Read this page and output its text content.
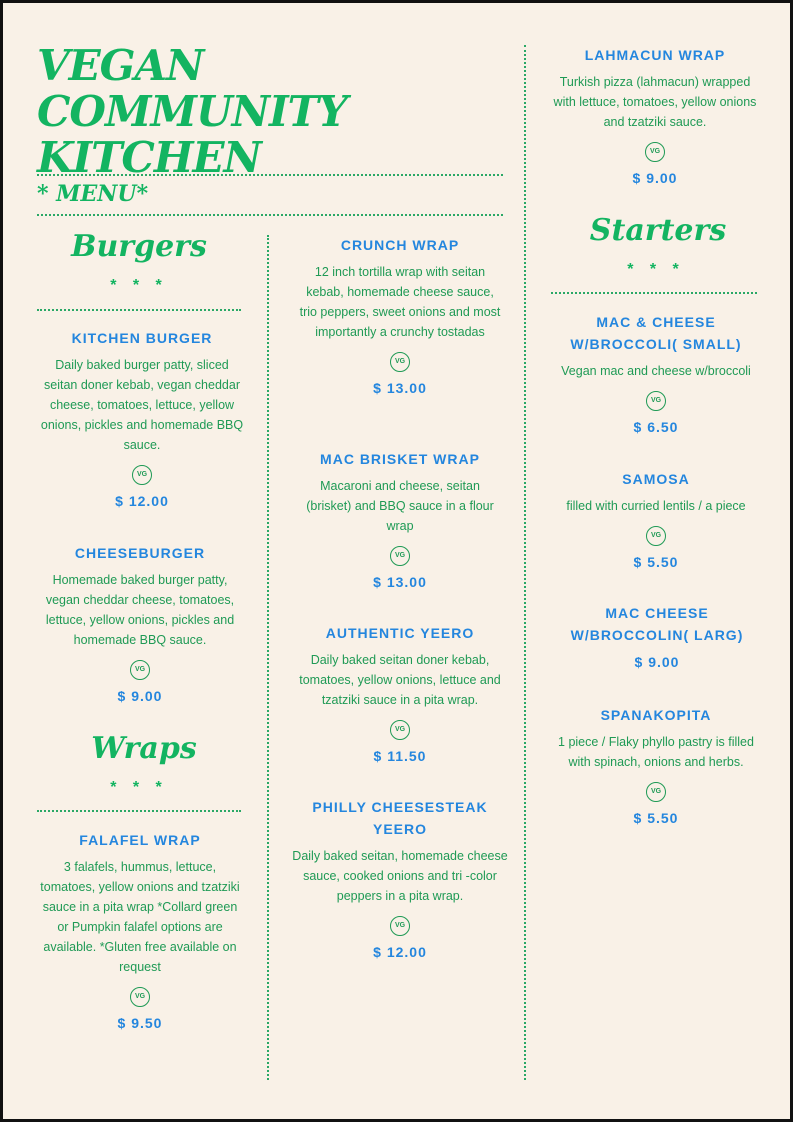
VEGAN COMMUNITY KITCHEN
* MENU*
Burgers
* * *
KITCHEN BURGER
Daily baked burger patty, sliced seitan doner kebab, vegan cheddar cheese, tomatoes, lettuce, yellow onions, pickles and homemade BBQ sauce.
VG
$ 12.00
CHEESEBURGER
Homemade baked burger patty, vegan cheddar cheese, tomatoes, lettuce, yellow onions, pickles and homemade BBQ sauce.
VG
$ 9.00
Wraps
* * *
FALAFEL WRAP
3 falafels, hummus, lettuce, tomatoes, yellow onions and tzatziki sauce in a pita wrap *Collard green or Pumpkin falafel options are available. *Gluten free available on request
VG
$ 9.50
CRUNCH WRAP
12 inch tortilla wrap with seitan kebab, homemade cheese sauce, trio peppers, sweet onions and most importantly a crunchy tostadas
VG
$ 13.00
MAC BRISKET WRAP
Macaroni and cheese, seitan (brisket) and BBQ sauce in a flour wrap
VG
$ 13.00
AUTHENTIC YEERO
Daily baked seitan doner kebab, tomatoes, yellow onions, lettuce and tzatziki sauce in a pita wrap.
VG
$ 11.50
PHILLY CHEESESTEAK YEERO
Daily baked seitan, homemade cheese sauce, cooked onions and tri -color peppers in a pita wrap.
VG
$ 12.00
LAHMACUN WRAP
Turkish pizza (lahmacun) wrapped with lettuce, tomatoes, yellow onions and tzatziki sauce.
VG
$ 9.00
Starters
* * *
MAC & CHEESE W/BROCCOLI( SMALL)
Vegan mac and cheese w/broccoli
VG
$ 6.50
SAMOSA
filled with curried lentils / a piece
VG
$ 5.50
MAC CHEESE W/BROCCOLIN( LARG)
$ 9.00
SPANAKOPITA
1 piece / Flaky phyllo pastry is filled with spinach, onions and herbs.
VG
$ 5.50
